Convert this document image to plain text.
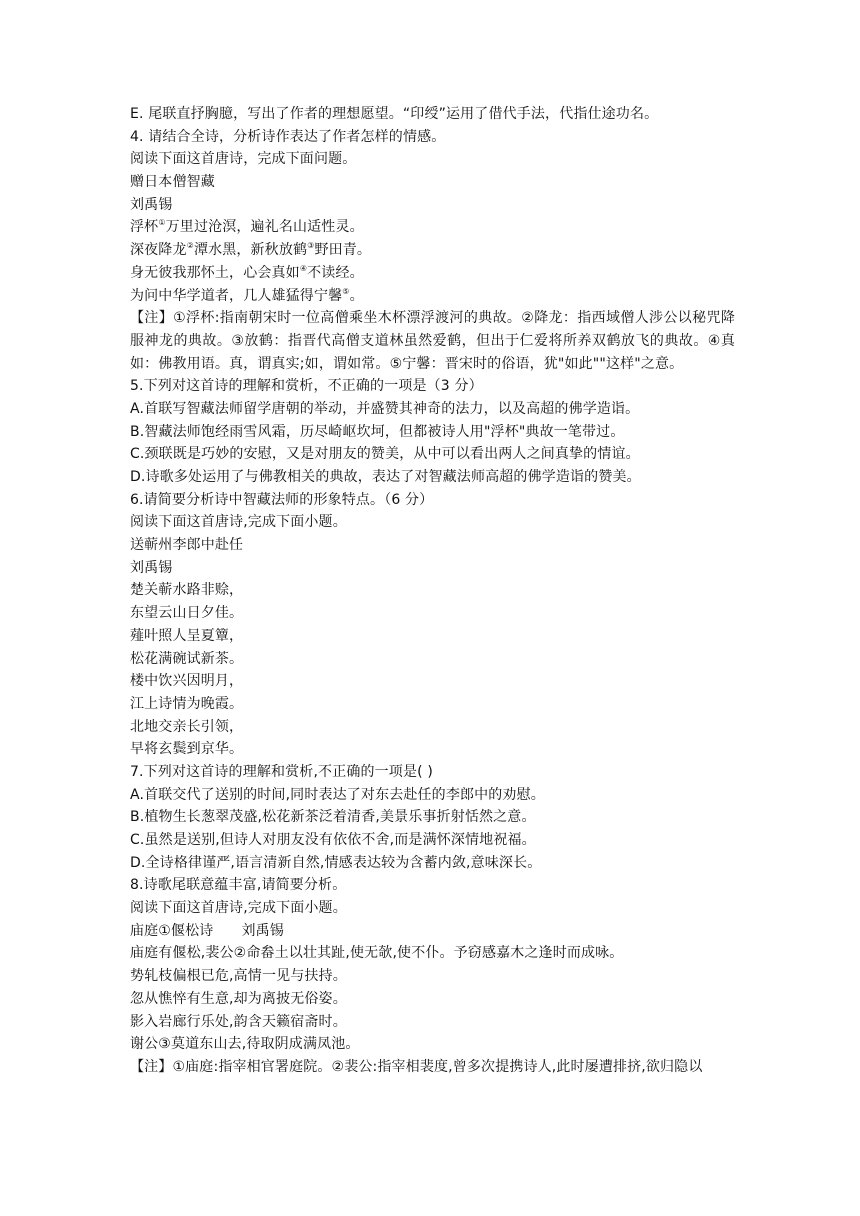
E. 尾联直抒胸臆，写出了作者的理想愿望。“印绶”运用了借代手法，代指仕途功名。
4. 请结合全诗，分析诗作表达了作者怎样的情感。
阅读下面这首唐诗，完成下面问题。
赠日本僧智藏
刘禹锡
浮杯①万里过沧溟，遍礼名山适性灵。
深夜降龙②潭水黑，新秋放鹤③野田青。
身无彼我那怀土，心会真如④不读经。
为问中华学道者，几人雄猛得宁馨⑤。
【注】①浮杯:指南朝宋时一位高僧乘坐木杯漂浮渡河的典故。②降龙：指西域僧人涉公以秘咒降服神龙的典故。③放鹤：指晋代高僧支道林虽然爱鹤，但出于仁爱将所养双鹤放飞的典故。④真如：佛教用语。真，谓真实;如，谓如常。⑤宁馨：晋宋时的俗语，犹"如此""这样"之意。
5.下列对这首诗的理解和赏析，不正确的一项是（3 分）
A.首联写智藏法师留学唐朝的举动，并盛赞其神奇的法力，以及高超的佛学造诣。
B.智藏法师饱经雨雪风霜，历尽崎岖坎坷，但都被诗人用"浮杯"典故一笔带过。
C.颈联既是巧妙的安慰，又是对朋友的赞美，从中可以看出两人之间真挚的情谊。
D.诗歌多处运用了与佛教相关的典故，表达了对智藏法师高超的佛学造诣的赞美。
6.请简要分析诗中智藏法师的形象特点。（6 分）
阅读下面这首唐诗,完成下面小题。
送蕲州李郎中赴任
刘禹锡
楚关蕲水路非赊，
东望云山日夕佳。
薤叶照人呈夏簟，
松花满碗试新茶。
楼中饮兴因明月，
江上诗情为晚霞。
北地交亲长引领，
早将玄鬓到京华。
7.下列对这首诗的理解和赏析,不正确的一项是( )
A.首联交代了送别的时间,同时表达了对东去赴任的李郎中的劝慰。
B.植物生长葱翠茂盛,松花新茶泛着清香,美景乐事折射恬然之意。
C.虽然是送别,但诗人对朋友没有依依不舍,而是满怀深情地祝福。
D.全诗格律谨严,语言清新自然,情感表达较为含蓄内敛,意味深长。
8.诗歌尾联意蕴丰富,请简要分析。
阅读下面这首唐诗,完成下面小题。
庙庭①偃松诗 刘禹锡
庙庭有偃松,裴公②命畚土以壮其趾,使无欹,使不仆。予窃感嘉木之逢时而成咏。
势轧枝偏根已危,高情一见与扶持。
忽从憔悴有生意,却为离披无俗姿。
影入岩廊行乐处,韵含天籁宿斋时。
谢公③莫道东山去,待取阴成满凤池。
【注】①庙庭:指宰相官署庭院。②裴公:指宰相裴度,曾多次提携诗人,此时屡遭排挤,欲归隐以
